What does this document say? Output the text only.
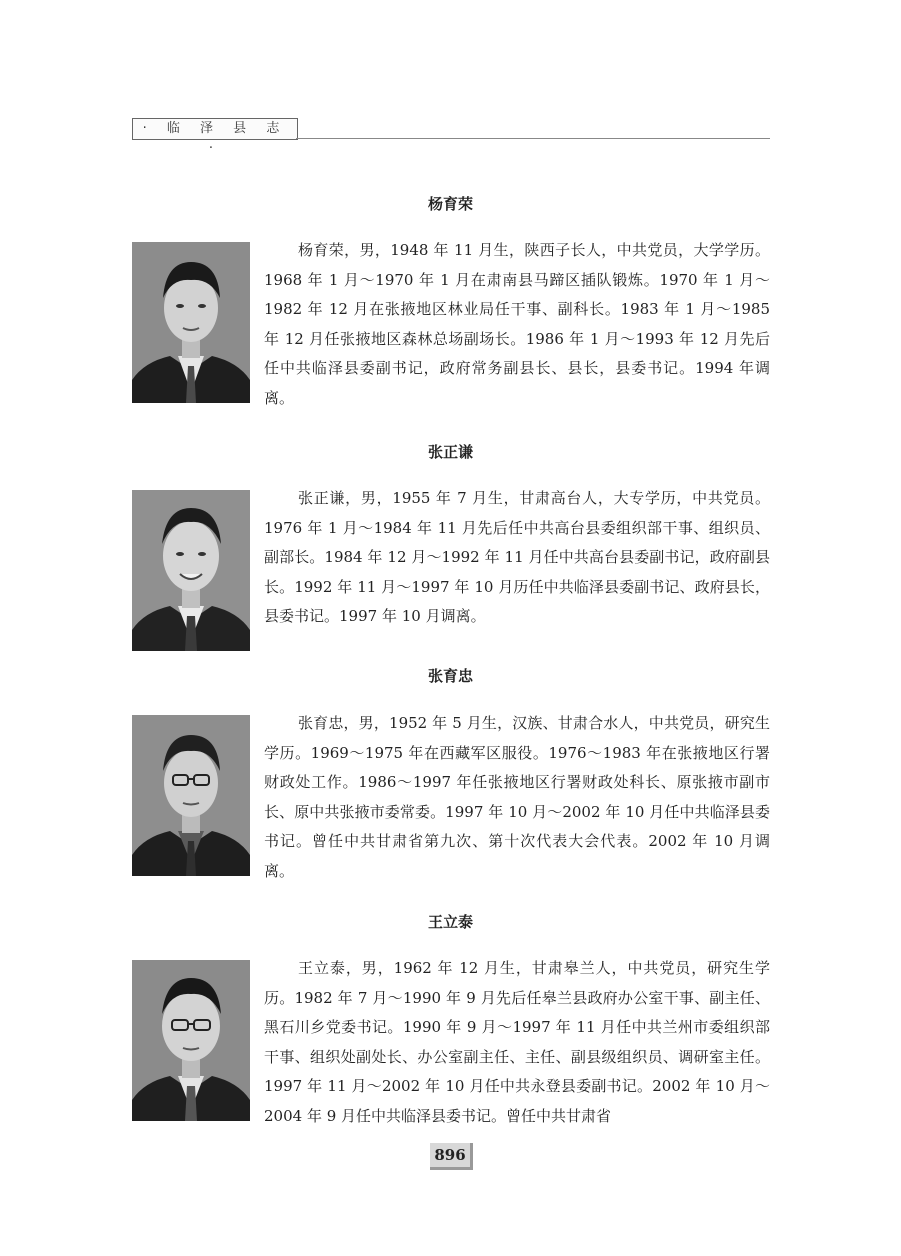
· 临 泽 县 志 ·
杨育荣

杨育荣，男，1948 年 11 月生，陕西子长人，中共党员，大学学历。1968 年 1 月～1970 年 1 月在肃南县马蹄区插队锻炼。1970 年 1 月～1982 年 12 月在张掖地区林业局任干事、副科长。1983 年 1 月～1985 年 12 月任张掖地区森林总场副场长。1986 年 1 月～1993 年 12 月先后任中共临泽县委副书记，政府常务副县长、县长，县委书记。1994 年调离。

张正谦

张正谦，男，1955 年 7 月生，甘肃高台人，大专学历，中共党员。1976 年 1 月～1984 年 11 月先后任中共高台县委组织部干事、组织员、副部长。1984 年 12 月～1992 年 11 月任中共高台县委副书记，政府副县长。1992 年 11 月～1997 年 10 月历任中共临泽县委副书记、政府县长，县委书记。1997 年 10 月调离。

张育忠

张育忠，男，1952 年 5 月生，汉族、甘肃合水人，中共党员，研究生学历。1969～1975 年在西藏军区服役。1976～1983 年在张掖地区行署财政处工作。1986～1997 年任张掖地区行署财政处科长、原张掖市副市长、原中共张掖市委常委。1997 年 10 月～2002 年 10 月任中共临泽县委书记。曾任中共甘肃省第九次、第十次代表大会代表。2002 年 10 月调离。

王立泰

王立泰，男，1962 年 12 月生，甘肃皋兰人，中共党员，研究生学历。1982 年 7 月～1990 年 9 月先后任皋兰县政府办公室干事、副主任、黑石川乡党委书记。1990 年 9 月～1997 年 11 月任中共兰州市委组织部干事、组织处副处长、办公室副主任、主任、副县级组织员、调研室主任。1997 年 11 月～2002 年 10 月任中共永登县委副书记。2002 年 10 月～2004 年 9 月任中共临泽县委书记。曾任中共甘肃省

896
